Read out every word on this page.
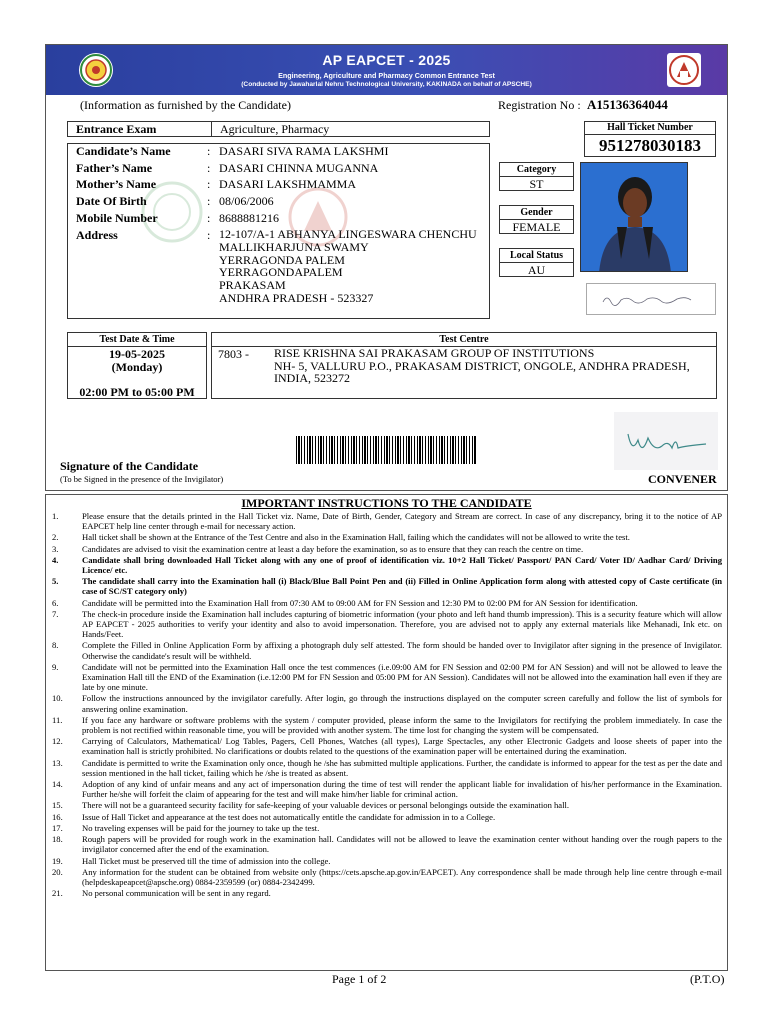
AP EAPCET - 2025
Engineering, Agriculture and Pharmacy Common Entrance Test
(Conducted by Jawaharlal Nehru Technological University, KAKINADA on behalf of APSCHE)
(Information as furnished by the Candidate)	Registration No : A15136364044
Entrance Exam	Agriculture, Pharmacy	Hall Ticket Number
951278030183
Candidate’s Name	: DASARI SIVA RAMA LAKSHMI
Father’s Name	: DASARI CHINNA MUGANNA
Mother’s Name	: DASARI LAKSHMAMMA
Date Of Birth	: 08/06/2006
Mobile Number	: 8688881216
Address	: 12-107/A-1 ABHANYA LINGESWARA CHENCHU
MALLIKHARJUNA SWAMY
YERRAGONDA PALEM
YERRAGONDAPALEM
PRAKASAM
ANDHRA PRADESH - 523327
Category
ST
Gender
FEMALE
Local Status
AU
Test Date & Time
19-05-2025
(Monday)
02:00 PM to 05:00 PM
Test Centre
7803 - RISE KRISHNA SAI PRAKASAM GROUP OF INSTITUTIONS
NH- 5, VALLURU P.O., PRAKASAM DISTRICT, ONGOLE, ANDHRA PRADESH,
INDIA, 523272
Signature of the Candidate
(To be Signed in the presence of the Invigilator)	CONVENER
IMPORTANT INSTRUCTIONS TO THE CANDIDATE
1.	Please ensure that the details printed in the Hall Ticket viz. Name, Date of Birth, Gender, Category and Stream are correct. In case of any discrepancy, bring it to the notice of AP EAPCET help line center through e-mail for necessary action.
2.	Hall ticket shall be shown at the Entrance of the Test Centre and also in the Examination Hall, failing which the candidates will not be allowed to write the test.
3.	Candidates are advised to visit the examination centre at least a day before the examination, so as to ensure that they can reach the centre on time.
4.	Candidate shall bring downloaded Hall Ticket along with any one of proof of identification viz. 10+2 Hall Ticket/ Passport/ PAN Card/ Voter ID/ Aadhar Card/ Driving Licence/ etc.
5.	The candidate shall carry into the Examination hall (i) Black/Blue Ball Point Pen and (ii) Filled in Online Application form along with attested copy of Caste certificate (in case of SC/ST category only)
6.	Candidate will be permitted into the Examination Hall from 07:30 AM to 09:00 AM for FN Session and 12:30 PM to 02:00 PM for AN Session for identification.
7.	The check-in procedure inside the Examination hall includes capturing of biometric information (your photo and left hand thumb impression). This is a security feature which will allow AP EAPCET - 2025 authorities to verify your identity and also to avoid impersonation. Therefore, you are advised not to apply any external materials like Mehanadi, Ink etc. on Hands/Feet.
8.	Complete the Filled in Online Application Form by affixing a photograph duly self attested. The form should be handed over to Invigilator after signing in the presence of Invigilator. Otherwise the candidate's result will be withheld.
9.	Candidate will not be permitted into the Examination Hall once the test commences (i.e.09:00 AM for FN Session and 02:00 PM for AN Session) and will not be allowed to leave the Examination Hall till the END of the Examination (i.e.12:00 PM for FN Session and 05:00 PM for AN Session). Candidates will not be allowed into the examination hall even if they are late by one minute.
10.	Follow the instructions announced by the invigilator carefully. After login, go through the instructions displayed on the computer screen carefully and follow the list of symbols for answering online examination.
11.	If you face any hardware or software problems with the system / computer provided, please inform the same to the Invigilators for rectifying the problem immediately. In case the problem is not rectified within reasonable time, you will be provided with another system. The time lost for changing the system will be compensated.
12.	Carrying of Calculators, Mathematical/ Log Tables, Pagers, Cell Phones, Watches (all types), Large Spectacles, any other Electronic Gadgets and loose sheets of paper into the examination hall is strictly prohibited. No clarifications or doubts related to the questions of the examination paper will be entertained during the examination.
13.	Candidate is permitted to write the Examination only once, though he /she has submitted multiple applications. Further, the candidate is informed to appear for the test as per the date and session mentioned in the hall ticket, failing which he /she is treated as absent.
14.	Adoption of any kind of unfair means and any act of impersonation during the time of test will render the applicant liable for invalidation of his/her performance in the Examination. Further he/she will forfeit the claim of appearing for the test and will make him/her liable for criminal action.
15.	There will not be a guaranteed security facility for safe-keeping of your valuable devices or personal belongings outside the examination hall.
16.	Issue of Hall Ticket and appearance at the test does not automatically entitle the candidate for admission in to a College.
17.	No traveling expenses will be paid for the journey to take up the test.
18.	Rough papers will be provided for rough work in the examination hall. Candidates will not be allowed to leave the examination center without handing over the rough papers to the invigilator concerned after the end of the examination.
19.	Hall Ticket must be preserved till the time of admission into the college.
20.	Any information for the student can be obtained from website only (https://cets.apsche.ap.gov.in/EAPCET). Any correspondence shall be made through help line centre through e-mail (helpdeskapeapcet@apsche.org) 0884-2359599 (or) 0884-2342499.
21.	No personal communication will be sent in any regard.
Page 1 of 2	(P.T.O)
